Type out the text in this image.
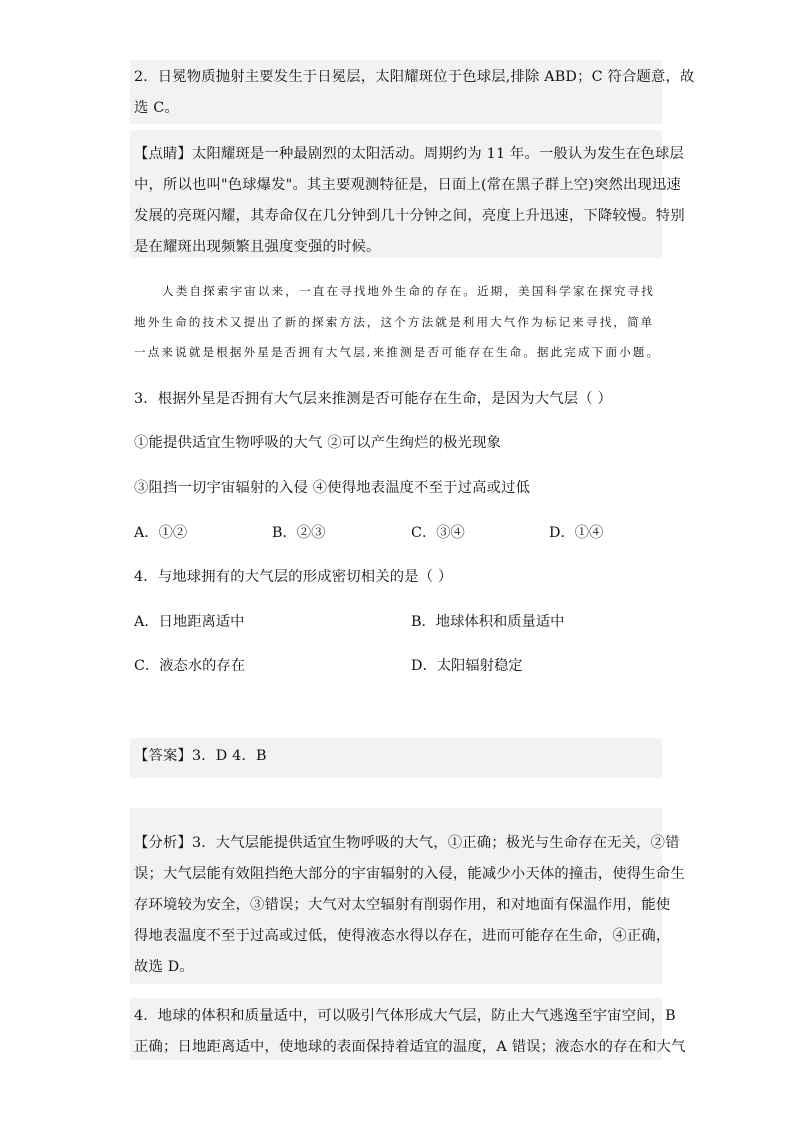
2．日冕物质抛射主要发生于日冕层，太阳耀斑位于色球层,排除 ABD；C 符合题意，故
选 C。
【点睛】太阳耀斑是一种最剧烈的太阳活动。周期约为 11 年。一般认为发生在色球层
中，所以也叫"色球爆发"。其主要观测特征是，日面上(常在黑子群上空)突然出现迅速
发展的亮斑闪耀，其寿命仅在几分钟到几十分钟之间，亮度上升迅速，下降较慢。特别
是在耀斑出现频繁且强度变强的时候。
人类自探索宇宙以来，一直在寻找地外生命的存在。近期，美国科学家在探究寻找
地外生命的技术又提出了新的探索方法，这个方法就是利用大气作为标记来寻找，简单
一点来说就是根据外星是否拥有大气层,来推测是否可能存在生命。据此完成下面小题。
3．根据外星是否拥有大气层来推测是否可能存在生命，是因为大气层（ ）
①能提供适宜生物呼吸的大气 ②可以产生绚烂的极光现象
③阻挡一切宇宙辐射的入侵 ④使得地表温度不至于过高或过低
A．①②	B．②③	C．③④	D．①④
4．与地球拥有的大气层的形成密切相关的是（ ）
A．日地距离适中	B．地球体积和质量适中
C．液态水的存在	D．太阳辐射稳定
【答案】3．D 4．B
【分析】3．大气层能提供适宜生物呼吸的大气，①正确；极光与生命存在无关，②错
误；大气层能有效阻挡绝大部分的宇宙辐射的入侵，能减少小天体的撞击，使得生命生
存环境较为安全，③错误；大气对太空辐射有削弱作用，和对地面有保温作用，能使
得地表温度不至于过高或过低，使得液态水得以存在，进而可能存在生命，④正确，
故选 D。
4．地球的体积和质量适中，可以吸引气体形成大气层，防止大气逃逸至宇宙空间，B
正确；日地距离适中，使地球的表面保持着适宜的温度，A 错误；液态水的存在和大气
